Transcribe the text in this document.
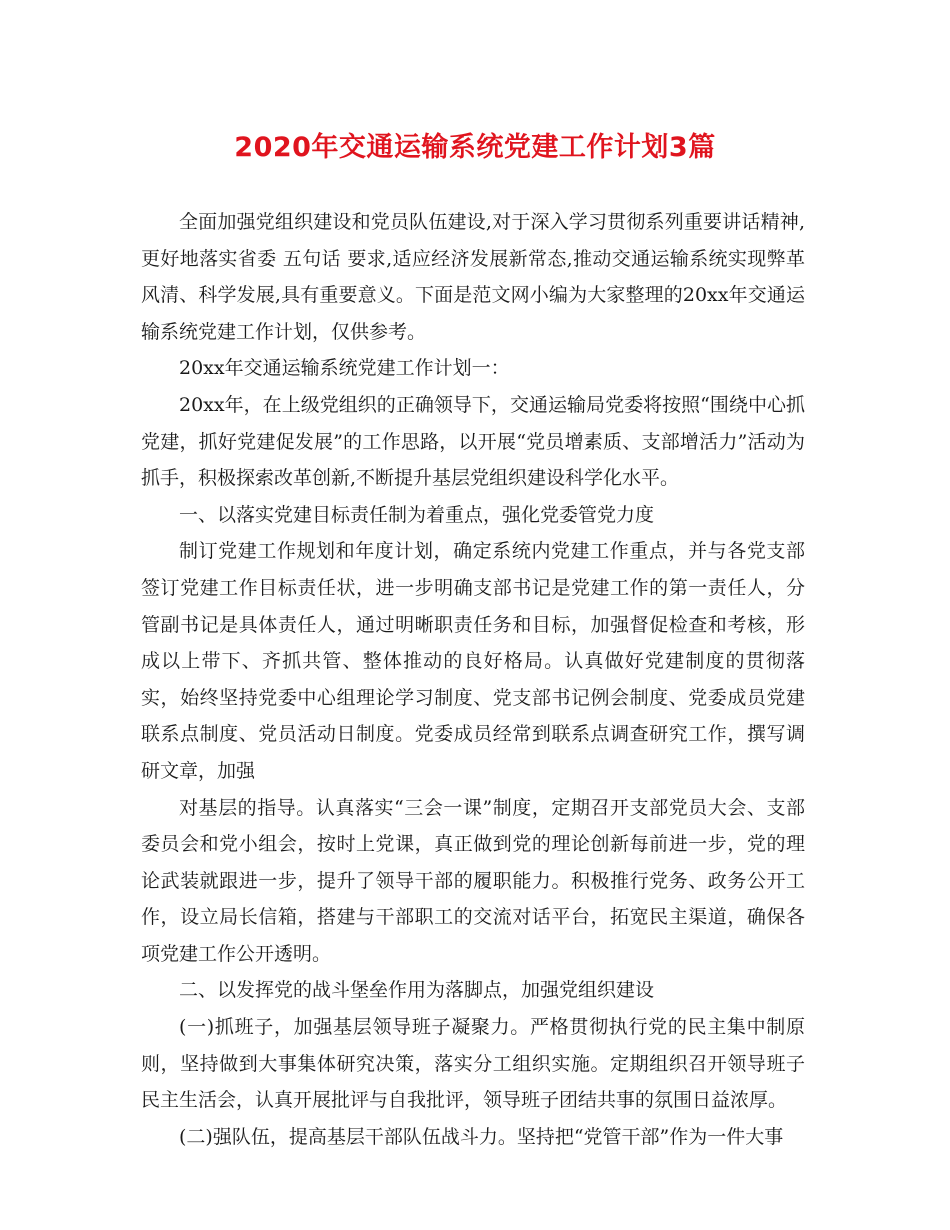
2020年交通运输系统党建工作计划3篇

全面加强党组织建设和党员队伍建设,对于深入学习贯彻系列重要讲话精神,更好地落实省委 五句话 要求,适应经济发展新常态,推动交通运输系统实现弊革风清、科学发展,具有重要意义。下面是范文网小编为大家整理的20xx年交通运输系统党建工作计划，仅供参考。

20xx年交通运输系统党建工作计划一：

20xx年，在上级党组织的正确领导下，交通运输局党委将按照“围绕中心抓党建，抓好党建促发展”的工作思路，以开展“党员增素质、支部增活力”活动为抓手，积极探索改革创新,不断提升基层党组织建设科学化水平。

一、以落实党建目标责任制为着重点，强化党委管党力度

制订党建工作规划和年度计划，确定系统内党建工作重点，并与各党支部签订党建工作目标责任状，进一步明确支部书记是党建工作的第一责任人，分管副书记是具体责任人，通过明晰职责任务和目标，加强督促检查和考核，形成以上带下、齐抓共管、整体推动的良好格局。认真做好党建制度的贯彻落实，始终坚持党委中心组理论学习制度、党支部书记例会制度、党委成员党建联系点制度、党员活动日制度。党委成员经常到联系点调查研究工作，撰写调研文章，加强

对基层的指导。认真落实“三会一课”制度，定期召开支部党员大会、支部委员会和党小组会，按时上党课，真正做到党的理论创新每前进一步，党的理论武装就跟进一步，提升了领导干部的履职能力。积极推行党务、政务公开工作，设立局长信箱，搭建与干部职工的交流对话平台，拓宽民主渠道，确保各项党建工作公开透明。

二、以发挥党的战斗堡垒作用为落脚点，加强党组织建设

(一)抓班子，加强基层领导班子凝聚力。严格贯彻执行党的民主集中制原则，坚持做到大事集体研究决策，落实分工组织实施。定期组织召开领导班子民主生活会，认真开展批评与自我批评，领导班子团结共事的氛围日益浓厚。

(二)强队伍，提高基层干部队伍战斗力。坚持把“党管干部”作为一件大事
